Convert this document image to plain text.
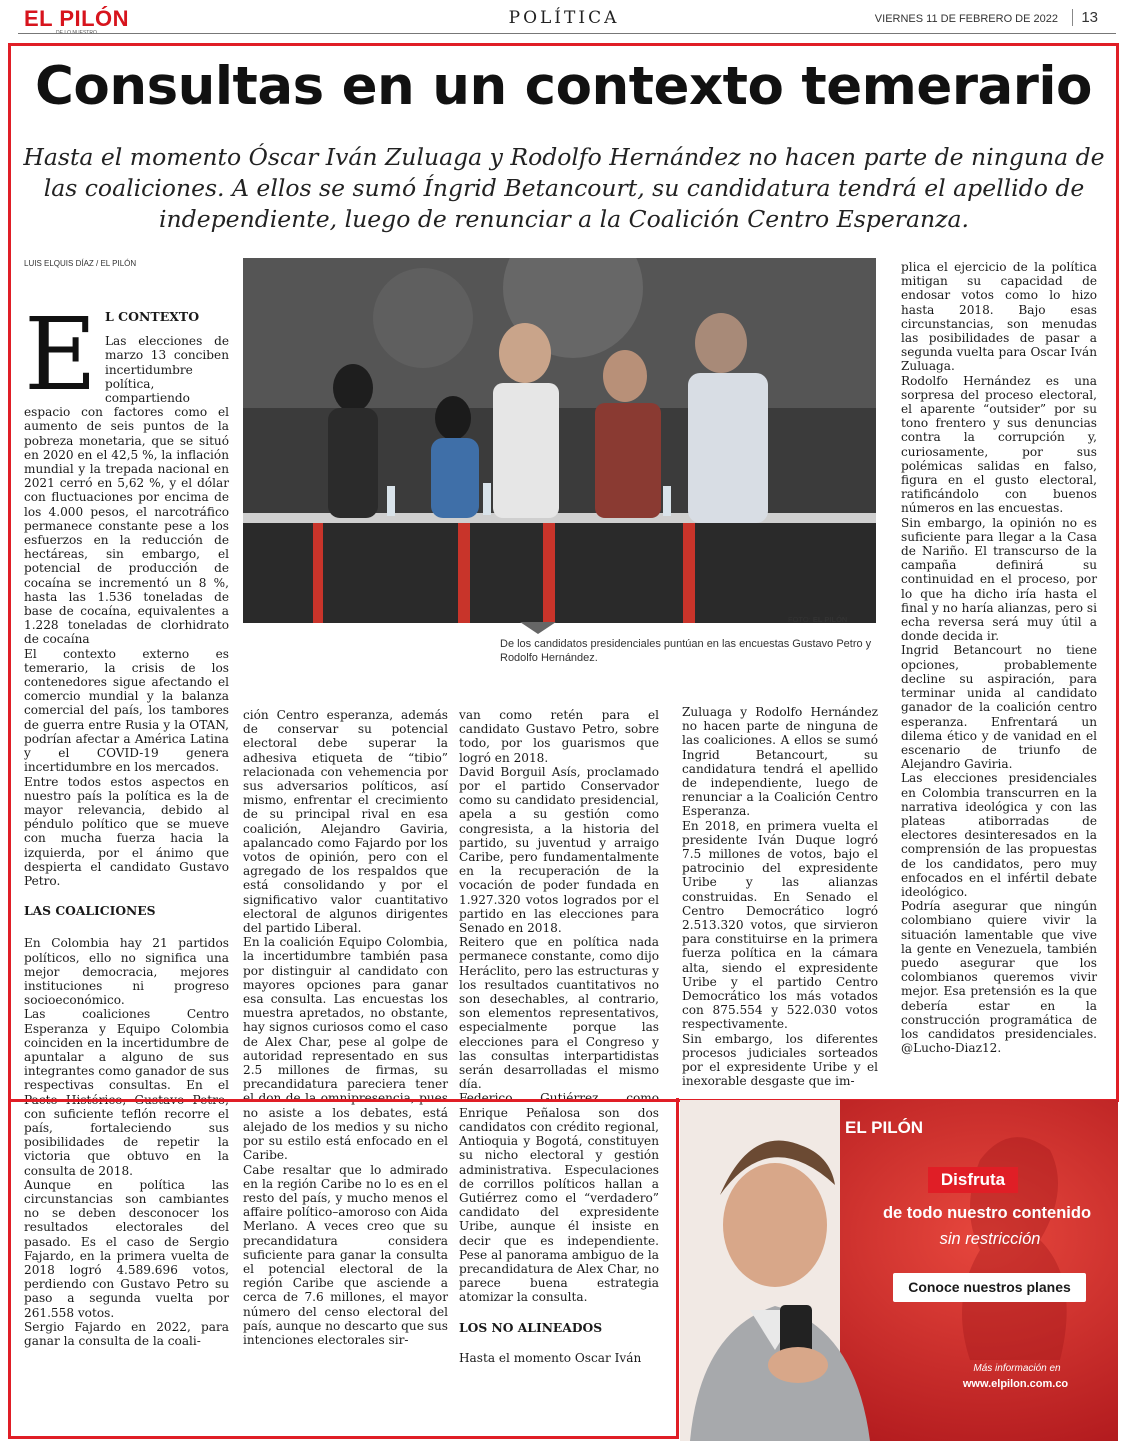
EL PILÓN	POLÍTICA	VIERNES 11 DE FEBRERO DE 2022	13
Consultas en un contexto temerario

Hasta el momento Óscar Iván Zuluaga y Rodolfo Hernández no hacen parte de ninguna de las coaliciones. A ellos se sumó Íngrid Betancourt, su candidatura tendrá el apellido de independiente, luego de renunciar a la Coalición Centro Esperanza.

LUIS ELQUIS DÍAZ / EL PILÓN
E L CONTEXTO

Las elecciones de marzo 13 conciben incertidumbre política, compartiendo espacio con factores como el aumento de seis puntos de la pobreza monetaria, que se situó en 2020 en el 42,5 %, la inflación mundial y la trepada nacional en 2021 cerró en 5,62 %, y el dólar con fluctuaciones por encima de los 4.000 pesos, el narcotráfico permanece constante pese a los esfuerzos en la reducción de hectáreas, sin embargo, el potencial de producción de cocaína se incrementó un 8 %, hasta las 1.536 toneladas de base de cocaína, equivalentes a 1.228 toneladas de clorhidrato de cocaína

El contexto externo es temerario, la crisis de los contenedores sigue afectando el comercio mundial y la balanza comercial del país, los tambores de guerra entre Rusia y la OTAN, podrían afectar a América Latina y el COVID-19 genera incertidumbre en los mercados.

Entre todos estos aspectos en nuestro país la política es la de mayor relevancia, debido al péndulo político que se mueve con mucha fuerza hacia la izquierda, por el ánimo que despierta el candidato Gustavo Petro.

LAS COALICIONES

En Colombia hay 21 partidos políticos, ello no significa una mejor democracia, mejores instituciones ni progreso socioeconómico.

Las coaliciones Centro Esperanza y Equipo Colombia coinciden en la incertidumbre de apuntalar a alguno de sus integrantes como ganador de sus respectivas consultas. En el Pacto Histórico, Gustavo Petro, con suficiente teflón recorre el país, fortaleciendo sus posibilidades de repetir la victoria que obtuvo en la consulta de 2018.

Aunque en política las circunstancias son cambiantes no se deben desconocer los resultados electorales del pasado. Es el caso de Sergio Fajardo, en la primera vuelta de 2018 logró 4.589.696 votos, perdiendo con Gustavo Petro su paso a segunda vuelta por 261.558 votos.

Sergio Fajardo en 2022, para ganar la consulta de la coali-

FOTO: EL PILÓN
De los candidatos presidenciales puntúan en las encuestas Gustavo Petro y Rodolfo Hernández.

ción Centro esperanza, además de conservar su potencial electoral debe superar la adhesiva etiqueta de “tibio” relacionada con vehemencia por sus adversarios políticos, así mismo, enfrentar el crecimiento de su principal rival en esa coalición, Alejandro Gaviria, apalancado como Fajardo por los votos de opinión, pero con el agregado de los respaldos que está consolidando y por el significativo valor cuantitativo electoral de algunos dirigentes del partido Liberal.

En la coalición Equipo Colombia, la incertidumbre también pasa por distinguir al candidato con mayores opciones para ganar esa consulta. Las encuestas los muestra apretados, no obstante, hay signos curiosos como el caso de Alex Char, pese al golpe de autoridad representado en sus 2.5 millones de firmas, su precandidatura pareciera tener el don de la omnipresencia, pues no asiste a los debates, está alejado de los medios y su nicho por su estilo está enfocado en el Caribe.

Cabe resaltar que lo admirado en la región Caribe no lo es en el resto del país, y mucho menos el affaire político–amoroso con Aida Merlano. A veces creo que su precandidatura considera suficiente para ganar la consulta el potencial electoral de la región Caribe que asciende a cerca de 7.6 millones, el mayor número del censo electoral del país, aunque no descarto que sus intenciones electorales sir-

van como retén para el candidato Gustavo Petro, sobre todo, por los guarismos que logró en 2018.

David Borguil Asís, proclamado por el partido Conservador como su candidato presidencial, apela a su gestión como congresista, a la historia del partido, su juventud y arraigo Caribe, pero fundamentalmente en la recuperación de la vocación de poder fundada en 1.927.320 votos logrados por el partido en las elecciones para Senado en 2018.

Reitero que en política nada permanece constante, como dijo Heráclito, pero las estructuras y los resultados cuantitativos no son desechables, al contrario, son elementos representativos, especialmente porque las elecciones para el Congreso y las consultas interpartidistas serán desarrolladas el mismo día.

Federico Gutiérrez como Enrique Peñalosa son dos candidatos con crédito regional, Antioquia y Bogotá, constituyen su nicho electoral y gestión administrativa. Especulaciones de corrillos políticos hallan a Gutiérrez como el “verdadero” candidato del expresidente Uribe, aunque él insiste en decir que es independiente. Pese al panorama ambiguo de la precandidatura de Alex Char, no parece buena estrategia atomizar la consulta.

LOS NO ALINEADOS

Hasta el momento Oscar Iván

Zuluaga y Rodolfo Hernández no hacen parte de ninguna de las coaliciones. A ellos se sumó Ingrid Betancourt, su candidatura tendrá el apellido de independiente, luego de renunciar a la Coalición Centro Esperanza.

En 2018, en primera vuelta el presidente Iván Duque logró 7.5 millones de votos, bajo el patrocinio del expresidente Uribe y las alianzas construidas. En Senado el Centro Democrático logró 2.513.320 votos, que sirvieron para constituirse en la primera fuerza política en la cámara alta, siendo el expresidente Uribe y el partido Centro Democrático los más votados con 875.554 y 522.030 votos respectivamente.

Sin embargo, los diferentes procesos judiciales sorteados por el expresidente Uribe y el inexorable desgaste que im-

plica el ejercicio de la política mitigan su capacidad de endosar votos como lo hizo hasta 2018. Bajo esas circunstancias, son menudas las posibilidades de pasar a segunda vuelta para Oscar Iván Zuluaga.

Rodolfo Hernández es una sorpresa del proceso electoral, el aparente “outsider” por su tono frentero y sus denuncias contra la corrupción y, curiosamente, por sus polémicas salidas en falso, figura en el gusto electoral, ratificándolo con buenos números en las encuestas.

Sin embargo, la opinión no es suficiente para llegar a la Casa de Nariño. El transcurso de la campaña definirá su continuidad en el proceso, por lo que ha dicho iría hasta el final y no haría alianzas, pero si echa reversa será muy útil a donde decida ir.

Ingrid Betancourt no tiene opciones, probablemente decline su aspiración, para terminar unida al candidato ganador de la coalición centro esperanza. Enfrentará un dilema ético y de vanidad en el escenario de triunfo de Alejandro Gaviria.

Las elecciones presidenciales en Colombia transcurren en la narrativa ideológica y con las plateas atiborradas de electores desinteresados en la comprensión de las propuestas de los candidatos, pero muy enfocados en el infértil debate ideológico.

Podría asegurar que ningún colombiano quiere vivir la situación lamentable que vive la gente en Venezuela, también puedo asegurar que los colombianos queremos vivir mejor. Esa pretensión es la que debería estar en la construcción programática de los candidatos presidenciales. @Lucho-Diaz12.

EL PILÓN
Disfruta
de todo nuestro contenido
sin restricción
Conoce nuestros planes
Más información en
www.elpilon.com.co
